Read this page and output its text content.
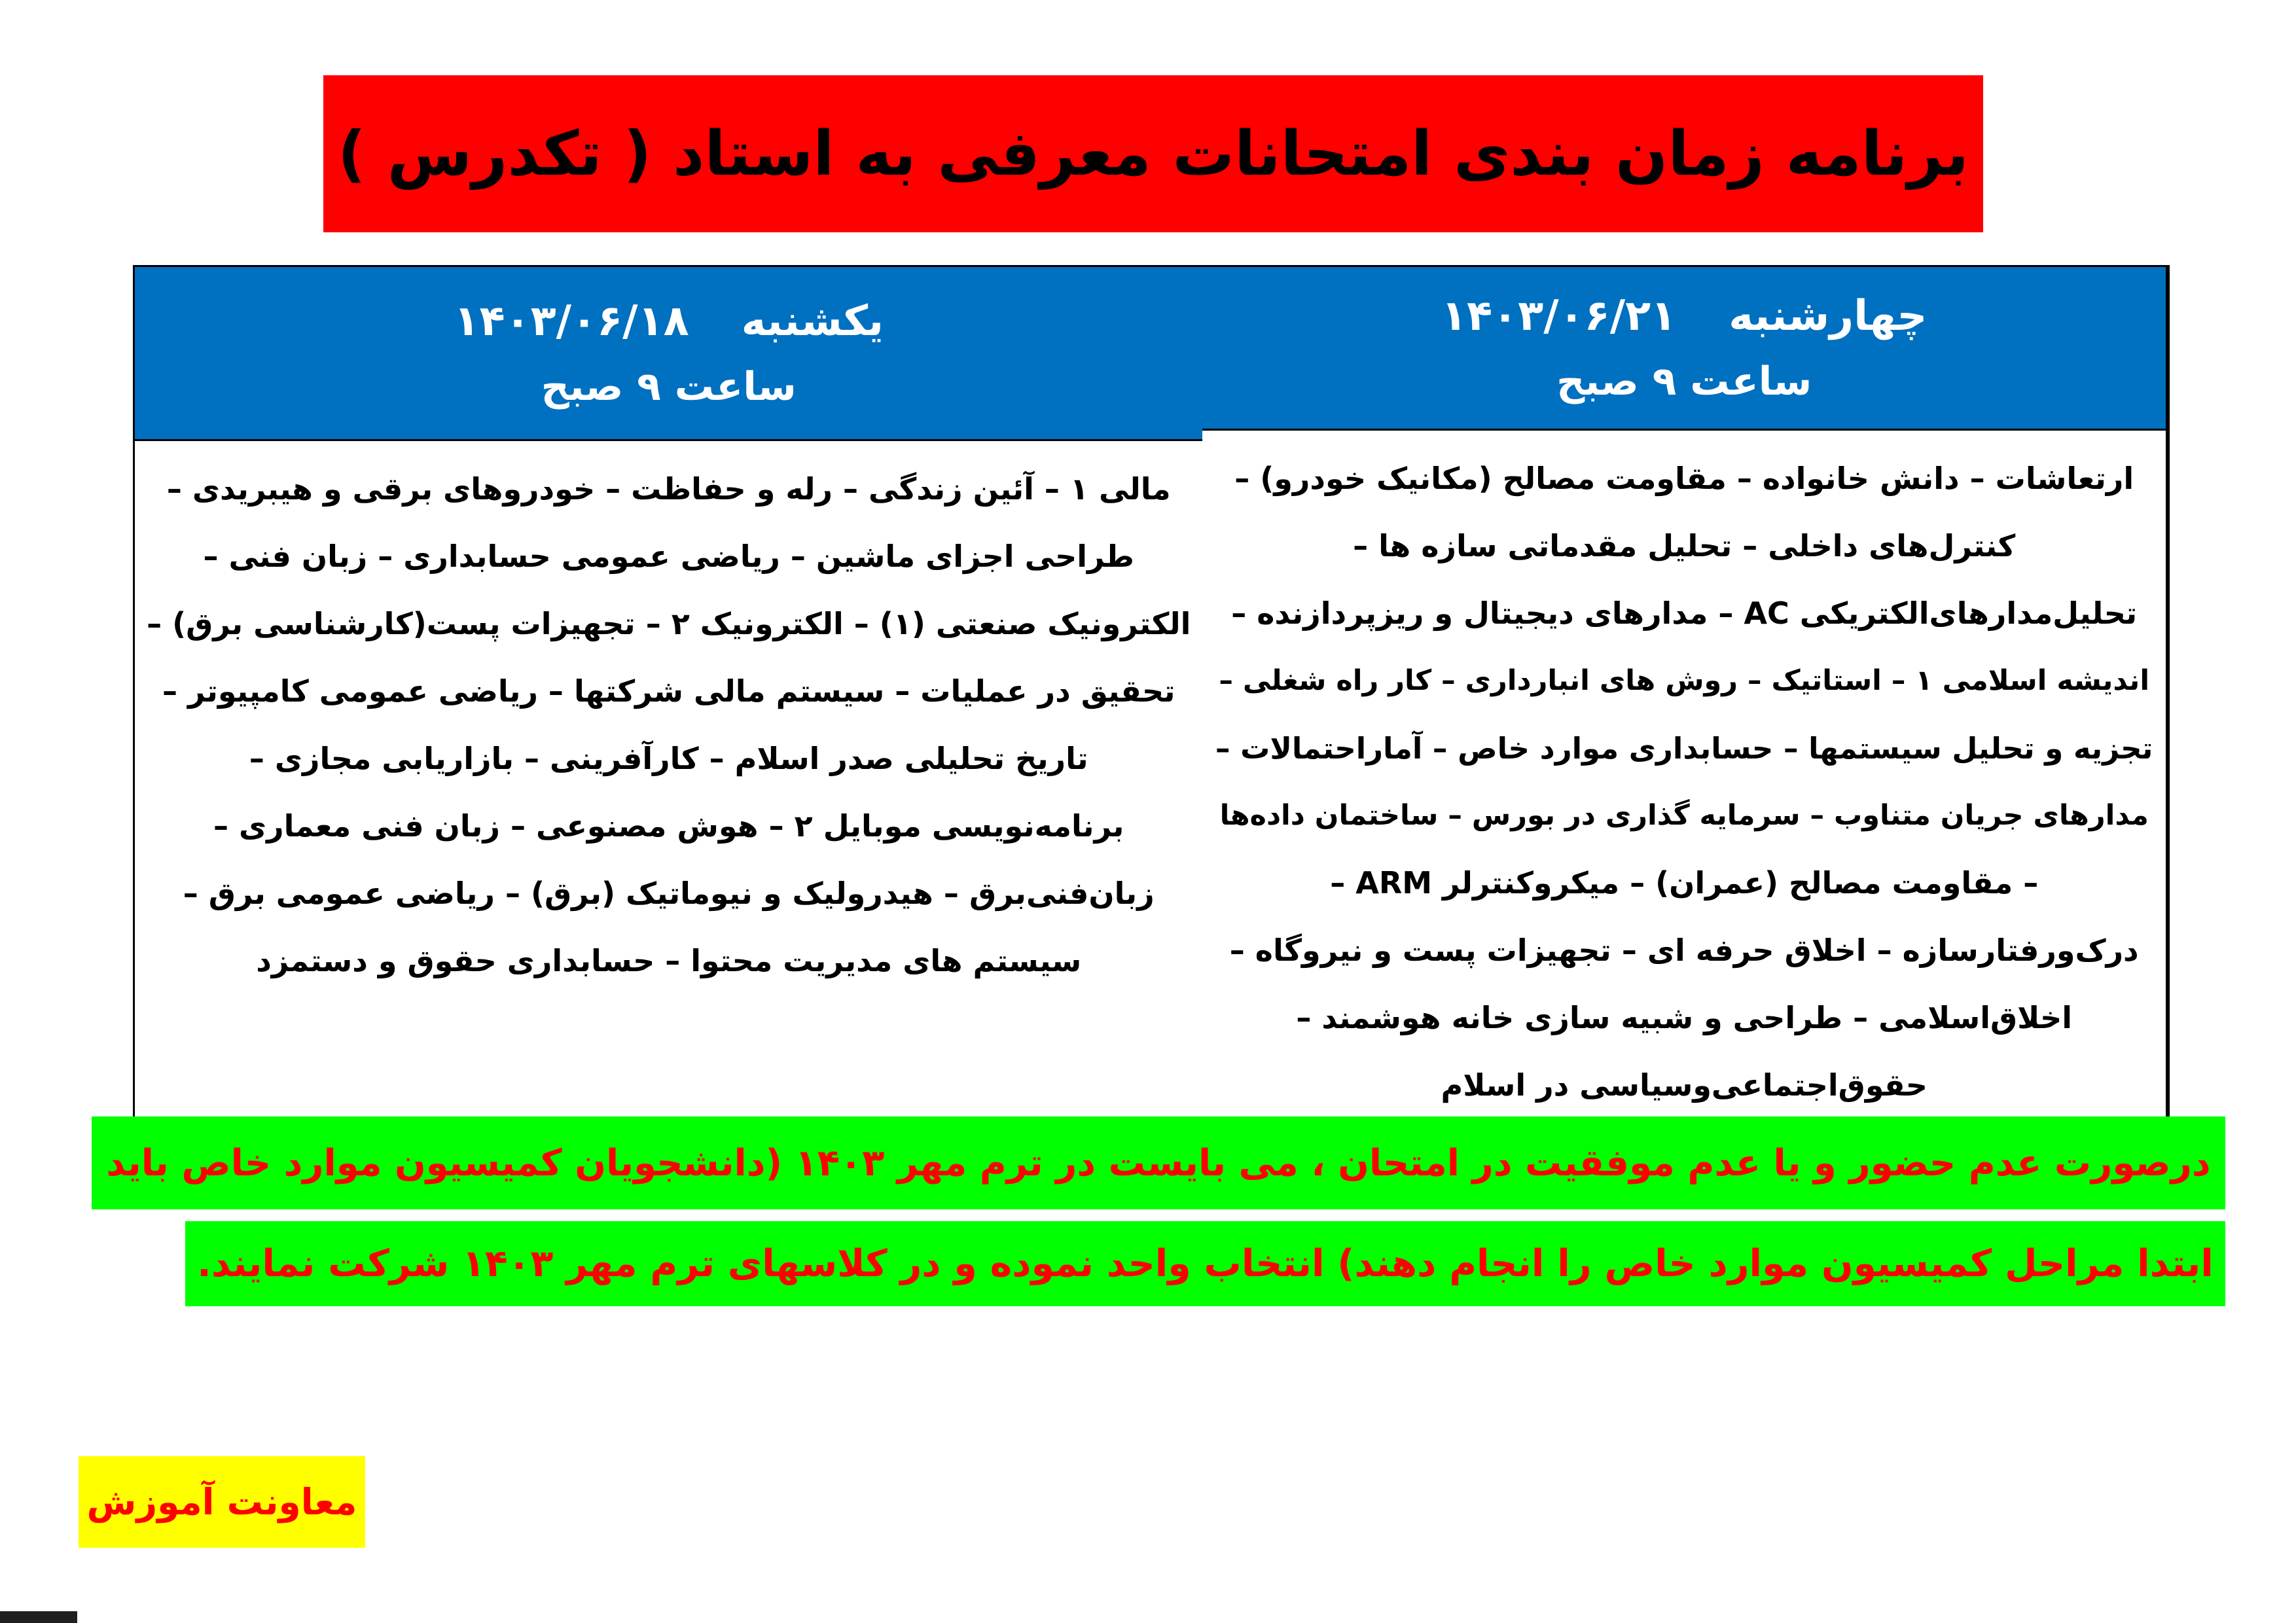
برنامه زمان بندی امتحانات معرفی به استاد ( تکدرس )
یکشنبه
۱۴۰۳/۰۶/۱۸
ساعت ۹ صبح
مالی ۱ – آئین زندگی – رله و حفاظت – خودروهای برقی و هیبریدی –
طراحی اجزای ماشین – ریاضی عمومی حسابداری – زبان فنی –
الکترونیک صنعتی (۱) – الکترونیک ۲ – تجهیزات پست(کارشناسی برق) –
تحقیق در عملیات – سیستم مالی شرکتها – ریاضی عمومی کامپیوتر –
تاریخ تحلیلی صدر اسلام – کارآفرینی – بازاریابی مجازی –
برنامه‌نویسی موبایل ۲ – هوش مصنوعی – زبان فنی معماری –
زبان‌فنی‌برق – هیدرولیک و نیوماتیک (برق) – ریاضی عمومی برق –
سیستم های مدیریت محتوا – حسابداری حقوق و دستمزد
چهارشنبه
۱۴۰۳/۰۶/۲۱
ساعت ۹ صبح
ارتعاشات – دانش خانواده – مقاومت مصالح (مکانیک خودرو) –
کنترل‌های داخلی – تحلیل مقدماتی سازه ها –
تحلیل‌مدارهای‌الکتریکی AC – مدارهای دیجیتال و ریزپردازنده –
اندیشه اسلامی ۱ – استاتیک – روش های انبارداری – کار راه شغلی –
تجزیه و تحلیل سیستمها – حسابداری موارد خاص – آماراحتمالات –
مدارهای جریان متناوب – سرمایه گذاری در بورس – ساختمان داده‌ها
– مقاومت مصالح (عمران) – میکروکنترلر ARM –
درک‌ورفتارسازه – اخلاق حرفه ای – تجهیزات پست و نیروگاه –
اخلاق‌اسلامی – طراحی و شبیه سازی خانه هوشمند –
حقوق‌اجتماعی‌وسیاسی در اسلام
درصورت عدم حضور و یا عدم موفقیت در امتحان ، می بایست در ترم مهر ۱۴۰۳ (دانشجویان کمیسیون موارد خاص باید
ابتدا مراحل کمیسیون موارد خاص را انجام دهند) انتخاب واحد نموده و در کلاسهای ترم مهر ۱۴۰۳ شرکت نمایند.
معاونت آموزش
